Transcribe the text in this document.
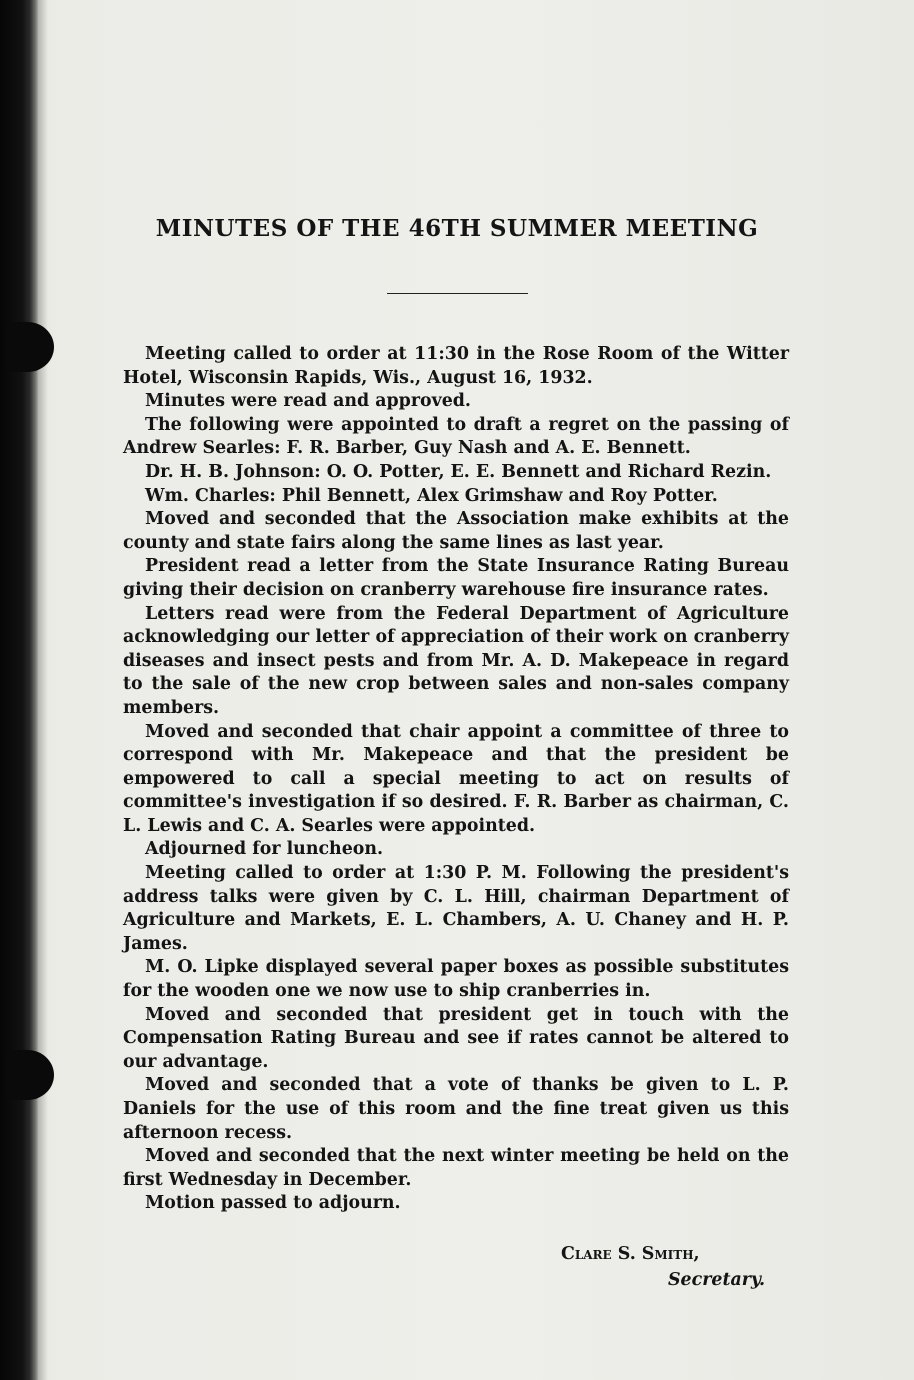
MINUTES OF THE 46TH SUMMER MEETING

Meeting called to order at 11:30 in the Rose Room of the Witter Hotel, Wisconsin Rapids, Wis., August 16, 1932.

Minutes were read and approved.

The following were appointed to draft a regret on the passing of Andrew Searles: F. R. Barber, Guy Nash and A. E. Bennett.

Dr. H. B. Johnson: O. O. Potter, E. E. Bennett and Richard Rezin.

Wm. Charles: Phil Bennett, Alex Grimshaw and Roy Potter.

Moved and seconded that the Association make exhibits at the county and state fairs along the same lines as last year.

President read a letter from the State Insurance Rating Bureau giving their decision on cranberry warehouse fire insurance rates.

Letters read were from the Federal Department of Agriculture acknowledging our letter of appreciation of their work on cranberry diseases and insect pests and from Mr. A. D. Makepeace in regard to the sale of the new crop between sales and non-sales company members.

Moved and seconded that chair appoint a committee of three to correspond with Mr. Makepeace and that the president be empowered to call a special meeting to act on results of committee's investigation if so desired. F. R. Barber as chairman, C. L. Lewis and C. A. Searles were appointed.

Adjourned for luncheon.

Meeting called to order at 1:30 P. M. Following the president's address talks were given by C. L. Hill, chairman Department of Agriculture and Markets, E. L. Chambers, A. U. Chaney and H. P. James.

M. O. Lipke displayed several paper boxes as possible substitutes for the wooden one we now use to ship cranberries in.

Moved and seconded that president get in touch with the Compensation Rating Bureau and see if rates cannot be altered to our advantage.

Moved and seconded that a vote of thanks be given to L. P. Daniels for the use of this room and the fine treat given us this afternoon recess.

Moved and seconded that the next winter meeting be held on the first Wednesday in December.

Motion passed to adjourn.

Clare S. Smith,
Secretary.
